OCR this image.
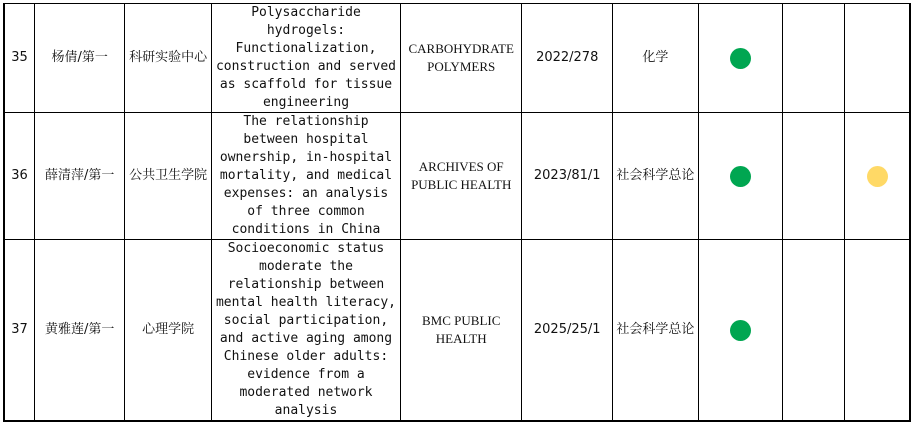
35	杨倩/第一	科研实验中心	Polysaccharide hydrogels: Functionalization, construction and served as scaffold for tissue engineering	CARBOHYDRATE POLYMERS	2022/278	化学			
36	薛清萍/第一	公共卫生学院	The relationship between hospital ownership, in-hospital mortality, and medical expenses: an analysis of three common conditions in China	ARCHIVES OF PUBLIC HEALTH	2023/81/1	社会科学总论			
37	黄雅莲/第一	心理学院	Socioeconomic status moderate the relationship between mental health literacy, social participation, and active aging among Chinese older adults: evidence from a moderated network analysis	BMC PUBLIC HEALTH	2025/25/1	社会科学总论			
